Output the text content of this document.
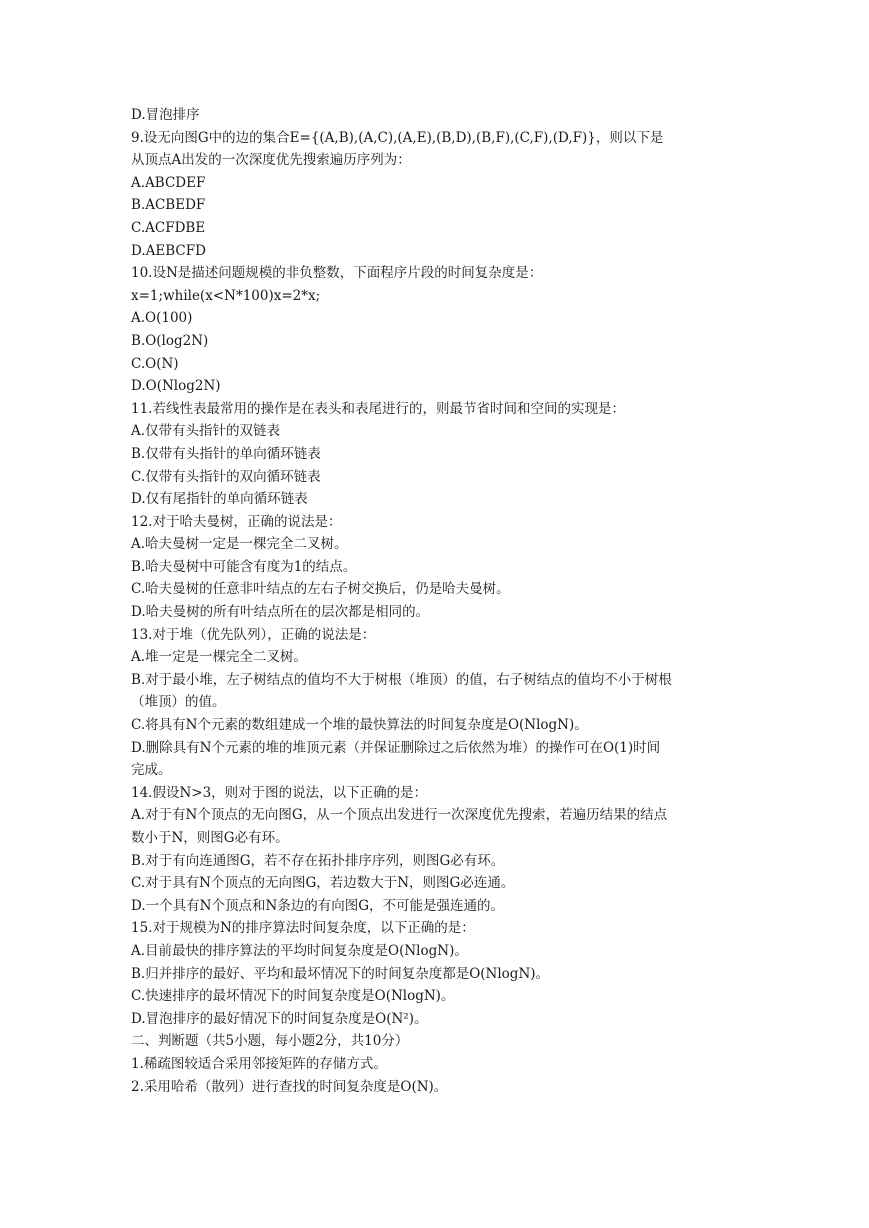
D.冒泡排序
9.设无向图G中的边的集合E={(A,B),(A,C),(A,E),(B,D),(B,F),(C,F),(D,F)}，则以下是
从顶点A出发的一次深度优先搜索遍历序列为：
A.ABCDEF
B.ACBEDF
C.ACFDBE
D.AEBCFD
10.设N是描述问题规模的非负整数，下面程序片段的时间复杂度是：
x=1;while(x<N*100)x=2*x;
A.O(100)
B.O(log2N)
C.O(N)
D.O(Nlog2N)
11.若线性表最常用的操作是在表头和表尾进行的，则最节省时间和空间的实现是：
A.仅带有头指针的双链表
B.仅带有头指针的单向循环链表
C.仅带有头指针的双向循环链表
D.仅有尾指针的单向循环链表
12.对于哈夫曼树，正确的说法是：
A.哈夫曼树一定是一棵完全二叉树。
B.哈夫曼树中可能含有度为1的结点。
C.哈夫曼树的任意非叶结点的左右子树交换后，仍是哈夫曼树。
D.哈夫曼树的所有叶结点所在的层次都是相同的。
13.对于堆（优先队列），正确的说法是：
A.堆一定是一棵完全二叉树。
B.对于最小堆，左子树结点的值均不大于树根（堆顶）的值，右子树结点的值均不小于树根
（堆顶）的值。
C.将具有N个元素的数组建成一个堆的最快算法的时间复杂度是O(NlogN)。
D.删除具有N个元素的堆的堆顶元素（并保证删除过之后依然为堆）的操作可在O(1)时间
完成。
14.假设N>3，则对于图的说法，以下正确的是：
A.对于有N个顶点的无向图G，从一个顶点出发进行一次深度优先搜索，若遍历结果的结点
数小于N，则图G必有环。
B.对于有向连通图G，若不存在拓扑排序序列，则图G必有环。
C.对于具有N个顶点的无向图G，若边数大于N，则图G必连通。
D.一个具有N个顶点和N条边的有向图G，不可能是强连通的。
15.对于规模为N的排序算法时间复杂度，以下正确的是：
A.目前最快的排序算法的平均时间复杂度是O(NlogN)。
B.归并排序的最好、平均和最坏情况下的时间复杂度都是O(NlogN)。
C.快速排序的最坏情况下的时间复杂度是O(NlogN)。
D.冒泡排序的最好情况下的时间复杂度是O(N²)。
二、判断题（共5小题，每小题2分，共10分）
1.稀疏图较适合采用邻接矩阵的存储方式。
2.采用哈希（散列）进行查找的时间复杂度是O(N)。
